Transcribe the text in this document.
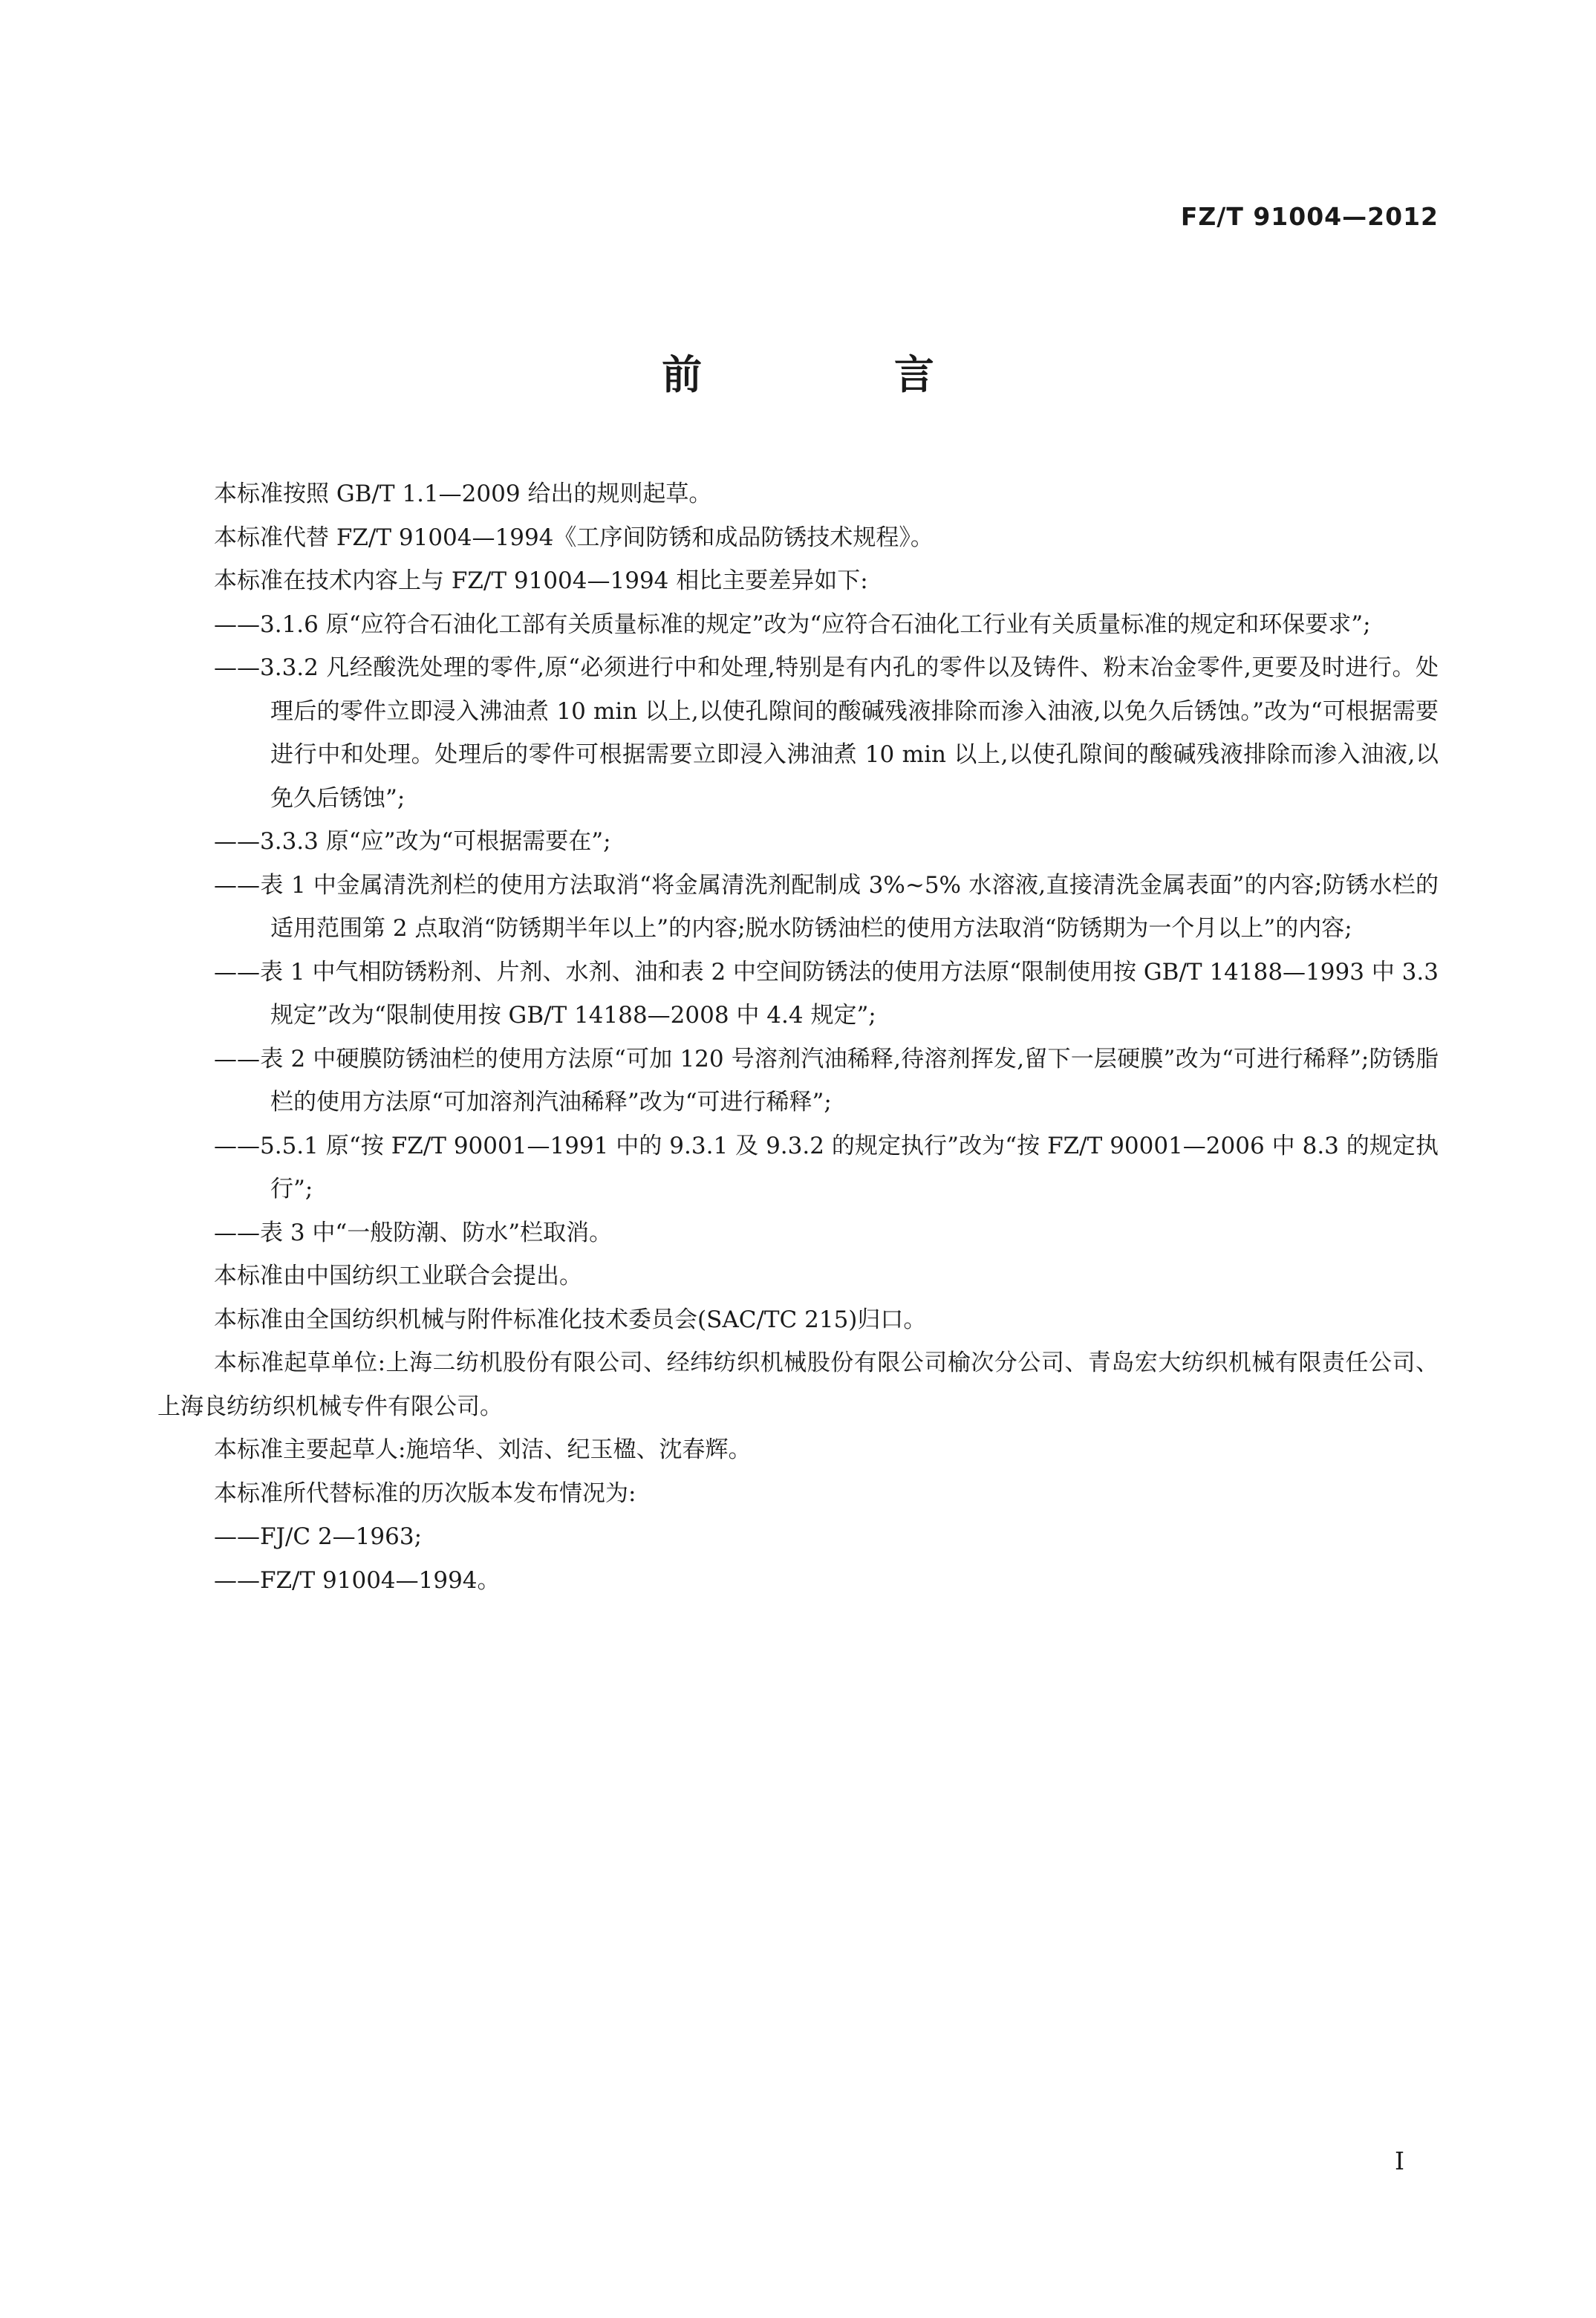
FZ/T 91004—2012
前 言

本标准按照 GB/T 1.1—2009 给出的规则起草。

本标准代替 FZ/T 91004—1994《工序间防锈和成品防锈技术规程》。

本标准在技术内容上与 FZ/T 91004—1994 相比主要差异如下:

——3.1.6 原“应符合石油化工部有关质量标准的规定”改为“应符合石油化工行业有关质量标准的规定和环保要求”;

——3.3.2 凡经酸洗处理的零件,原“必须进行中和处理,特别是有内孔的零件以及铸件、粉末冶金零件,更要及时进行。处理后的零件立即浸入沸油煮 10 min 以上,以使孔隙间的酸碱残液排除而渗入油液,以免久后锈蚀。”改为“可根据需要进行中和处理。处理后的零件可根据需要立即浸入沸油煮 10 min 以上,以使孔隙间的酸碱残液排除而渗入油液,以免久后锈蚀”;

——3.3.3 原“应”改为“可根据需要在”;

——表 1 中金属清洗剂栏的使用方法取消“将金属清洗剂配制成 3%~5% 水溶液,直接清洗金属表面”的内容;防锈水栏的适用范围第 2 点取消“防锈期半年以上”的内容;脱水防锈油栏的使用方法取消“防锈期为一个月以上”的内容;

——表 1 中气相防锈粉剂、片剂、水剂、油和表 2 中空间防锈法的使用方法原“限制使用按 GB/T 14188—1993 中 3.3 规定”改为“限制使用按 GB/T 14188—2008 中 4.4 规定”;

——表 2 中硬膜防锈油栏的使用方法原“可加 120 号溶剂汽油稀释,待溶剂挥发,留下一层硬膜”改为“可进行稀释”;防锈脂栏的使用方法原“可加溶剂汽油稀释”改为“可进行稀释”;

——5.5.1 原“按 FZ/T 90001—1991 中的 9.3.1 及 9.3.2 的规定执行”改为“按 FZ/T 90001—2006 中 8.3 的规定执行”;

——表 3 中“一般防潮、防水”栏取消。

本标准由中国纺织工业联合会提出。

本标准由全国纺织机械与附件标准化技术委员会(SAC/TC 215)归口。

本标准起草单位:上海二纺机股份有限公司、经纬纺织机械股份有限公司榆次分公司、青岛宏大纺织机械有限责任公司、上海良纺纺织机械专件有限公司。

本标准主要起草人:施培华、刘洁、纪玉楹、沈春辉。

本标准所代替标准的历次版本发布情况为:

——FJ/C 2—1963;

——FZ/T 91004—1994。

I
